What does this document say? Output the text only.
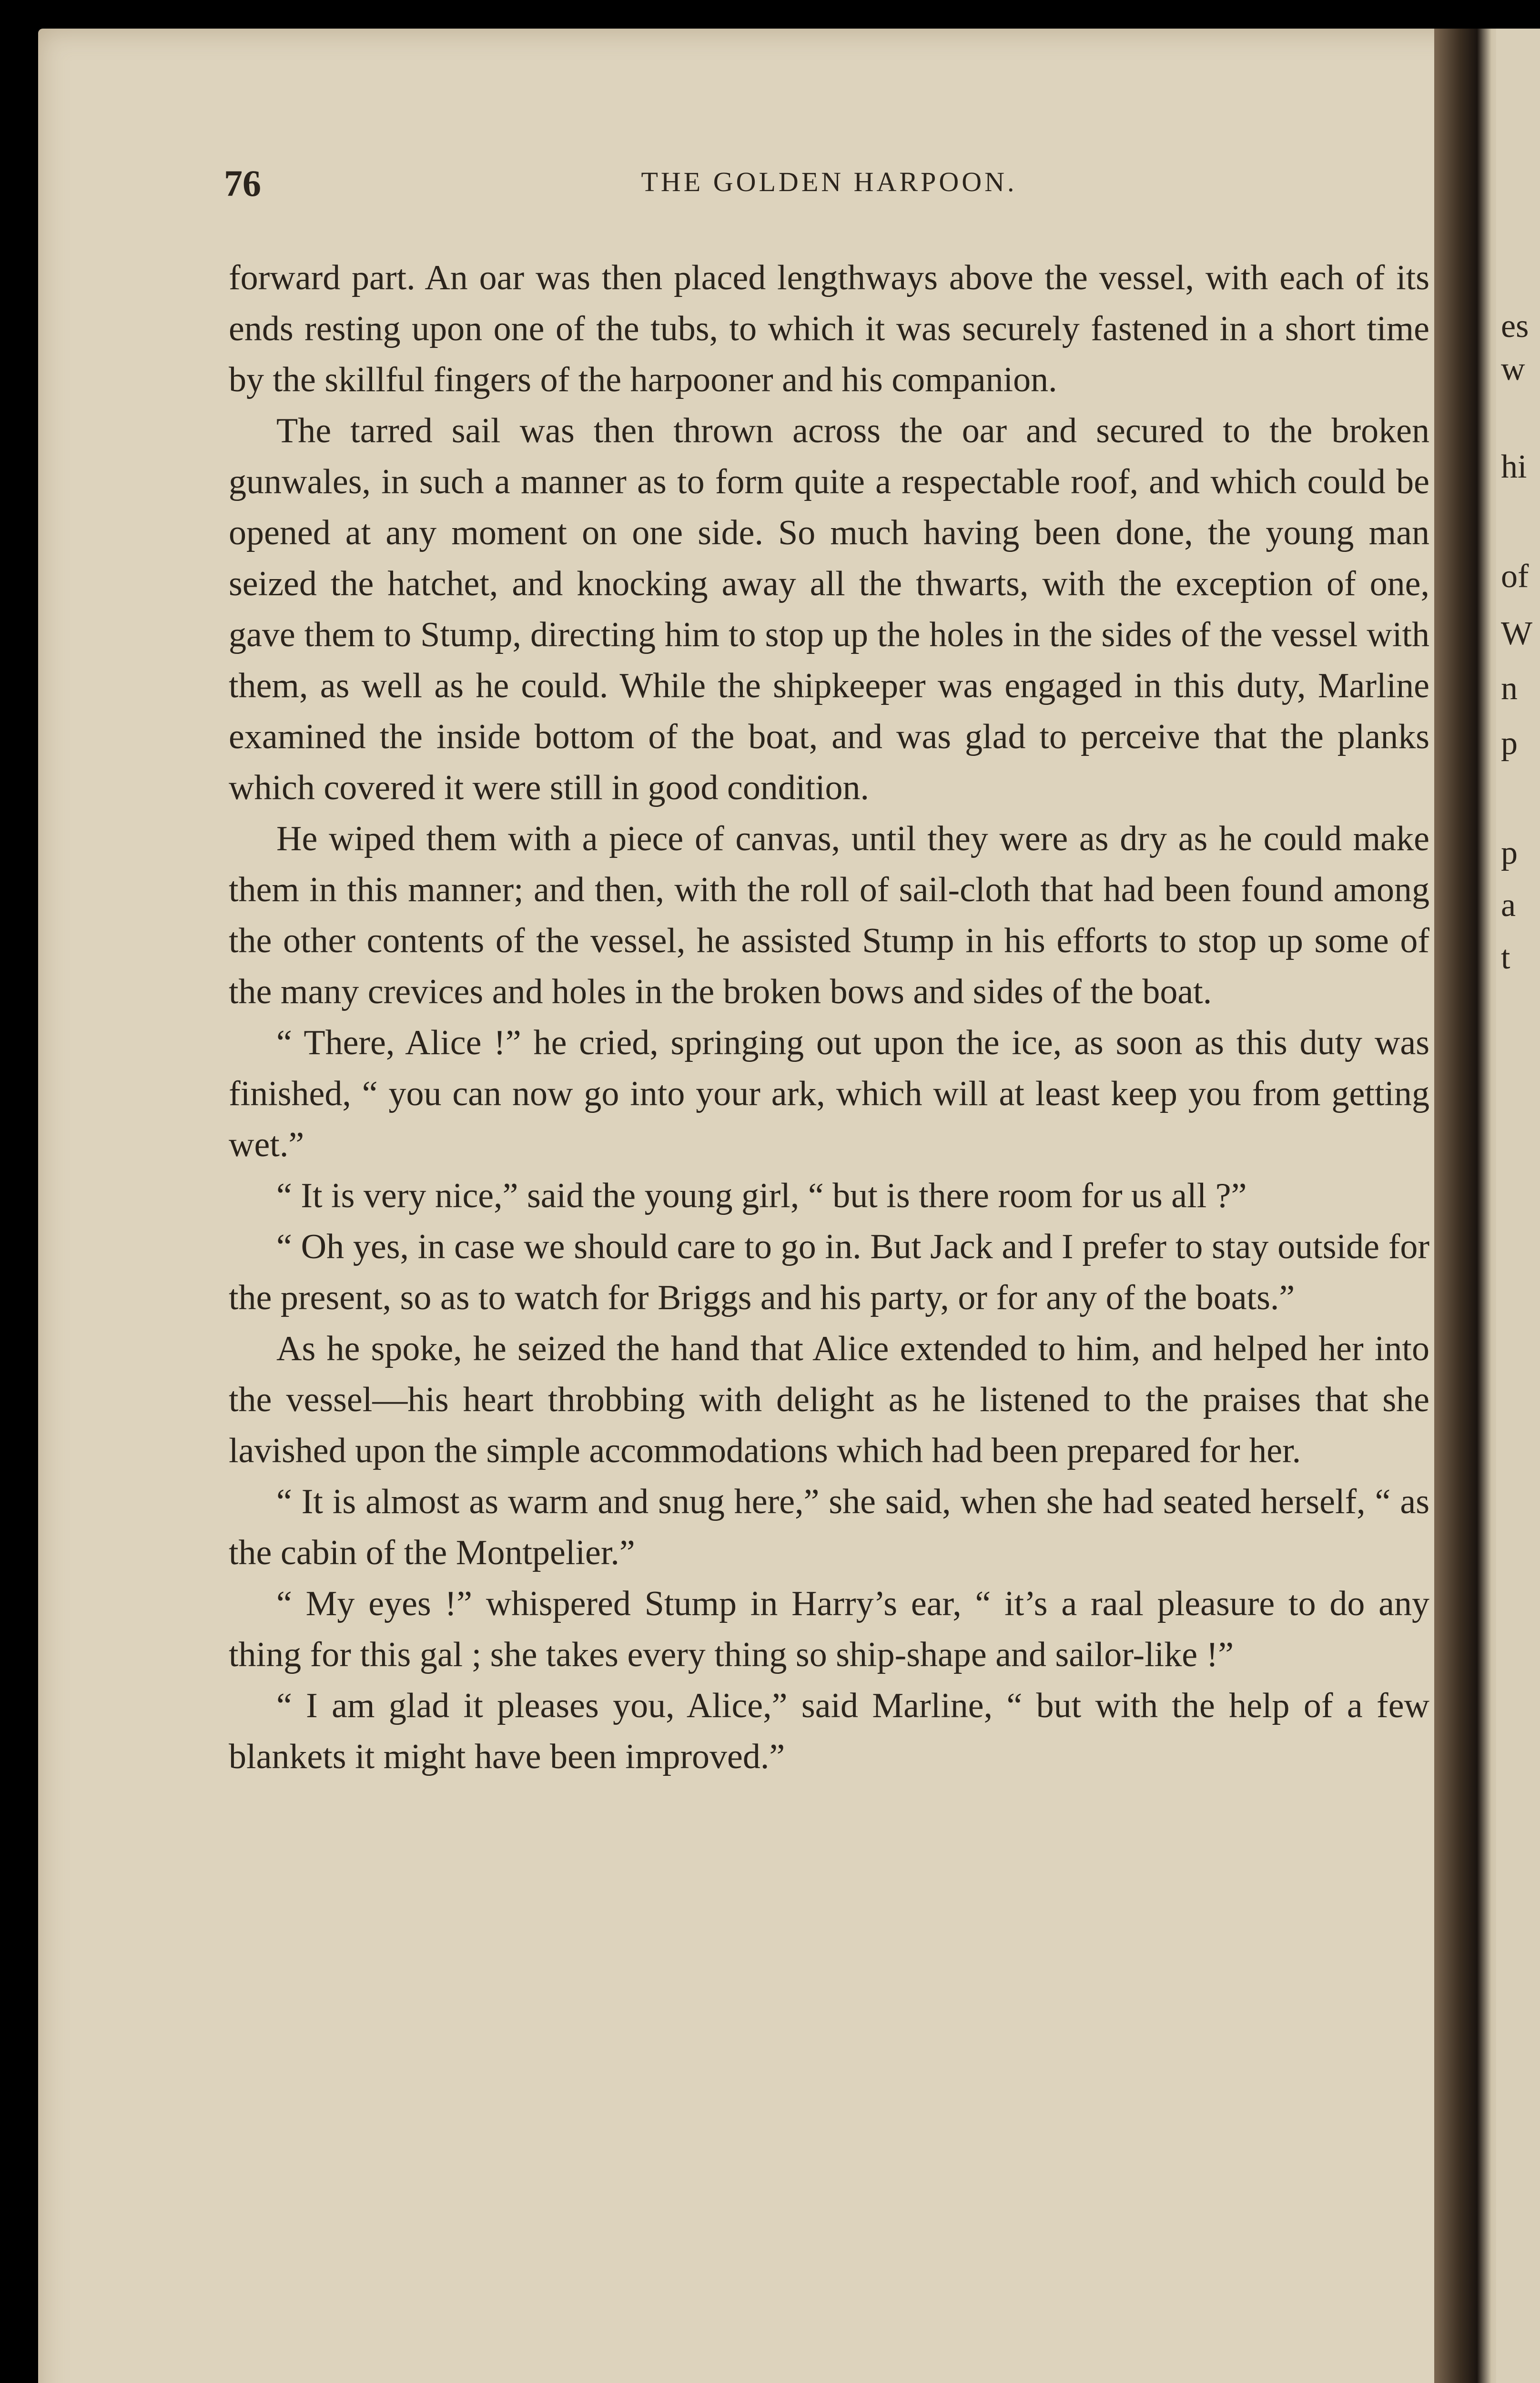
es
w
hi
of
W
n
p
p
a
t
76	THE GOLDEN HARPOON.

forward part. An oar was then placed lengthways above the vessel, with each of its ends resting upon one of the tubs, to which it was securely fastened in a short time by the skillful fingers of the harpooner and his companion.

The tarred sail was then thrown across the oar and secured to the broken gunwales, in such a manner as to form quite a respectable roof, and which could be opened at any moment on one side. So much having been done, the young man seized the hatchet, and knocking away all the thwarts, with the exception of one, gave them to Stump, directing him to stop up the holes in the sides of the vessel with them, as well as he could. While the shipkeeper was engaged in this duty, Marline examined the inside bottom of the boat, and was glad to perceive that the planks which covered it were still in good condition.

He wiped them with a piece of canvas, until they were as dry as he could make them in this manner; and then, with the roll of sail-cloth that had been found among the other contents of the vessel, he assisted Stump in his efforts to stop up some of the many crevices and holes in the broken bows and sides of the boat.

“ There, Alice !” he cried, springing out upon the ice, as soon as this duty was finished, “ you can now go into your ark, which will at least keep you from getting wet.”

“ It is very nice,” said the young girl, “ but is there room for us all ?”

“ Oh yes, in case we should care to go in. But Jack and I prefer to stay outside for the present, so as to watch for Briggs and his party, or for any of the boats.”

As he spoke, he seized the hand that Alice extended to him, and helped her into the vessel—his heart throbbing with delight as he listened to the praises that she lavished upon the simple accommodations which had been prepared for her.

“ It is almost as warm and snug here,” she said, when she had seated herself, “ as the cabin of the Montpelier.”

“ My eyes !” whispered Stump in Harry’s ear, “ it’s a raal pleasure to do any thing for this gal ; she takes every thing so ship-shape and sailor-like !”

“ I am glad it pleases you, Alice,” said Marline, “ but with the help of a few blankets it might have been improved.”
